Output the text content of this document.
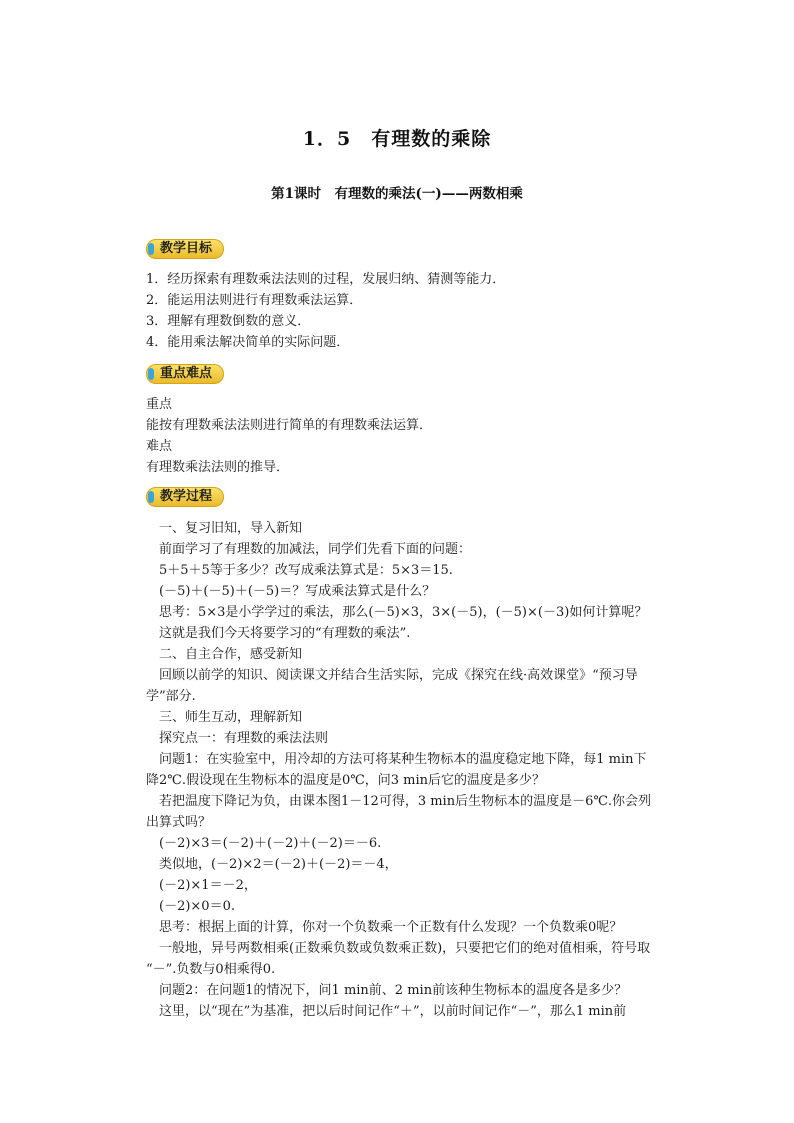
1．5　有理数的乘除
第1课时　有理数的乘法(一)——两数相乘
教学目标
1．经历探索有理数乘法法则的过程，发展归纳、猜测等能力．
2．能运用法则进行有理数乘法运算．
3．理解有理数倒数的意义．
4．能用乘法解决简单的实际问题．
重点难点
重点
能按有理数乘法法则进行简单的有理数乘法运算．
难点
有理数乘法法则的推导．
教学过程
　一、复习旧知，导入新知
　前面学习了有理数的加减法，同学们先看下面的问题：
　5＋5＋5等于多少？改写成乘法算式是：5×3＝15.
　(－5)＋(－5)＋(－5)＝？写成乘法算式是什么？
　思考：5×3是小学学过的乘法，那么(－5)×3，3×(－5)，(－5)×(－3)如何计算呢？
　这就是我们今天将要学习的“有理数的乘法”.
　二、自主合作，感受新知
　回顾以前学的知识、阅读课文并结合生活实际，完成《探究在线·高效课堂》“预习导
学”部分.
　三、师生互动，理解新知
　探究点一：有理数的乘法法则
　问题1：在实验室中，用冷却的方法可将某种生物标本的温度稳定地下降，每1 min下
降2℃.假设现在生物标本的温度是0℃，问3 min后它的温度是多少？
　若把温度下降记为负，由课本图1－12可得，3 min后生物标本的温度是－6℃.你会列
出算式吗？
　(－2)×3＝(－2)＋(－2)＋(－2)＝－6.
　类似地，(－2)×2＝(－2)＋(－2)＝－4，
　(－2)×1＝－2，
　(－2)×0＝0.
　思考：根据上面的计算，你对一个负数乘一个正数有什么发现？一个负数乘0呢？
　一般地，异号两数相乘(正数乘负数或负数乘正数)，只要把它们的绝对值相乘，符号取
“－”.负数与0相乘得0.
　问题2：在问题1的情况下，问1 min前、2 min前该种生物标本的温度各是多少？
　这里，以“现在”为基准，把以后时间记作“＋”，以前时间记作“－”，那么1 min前
